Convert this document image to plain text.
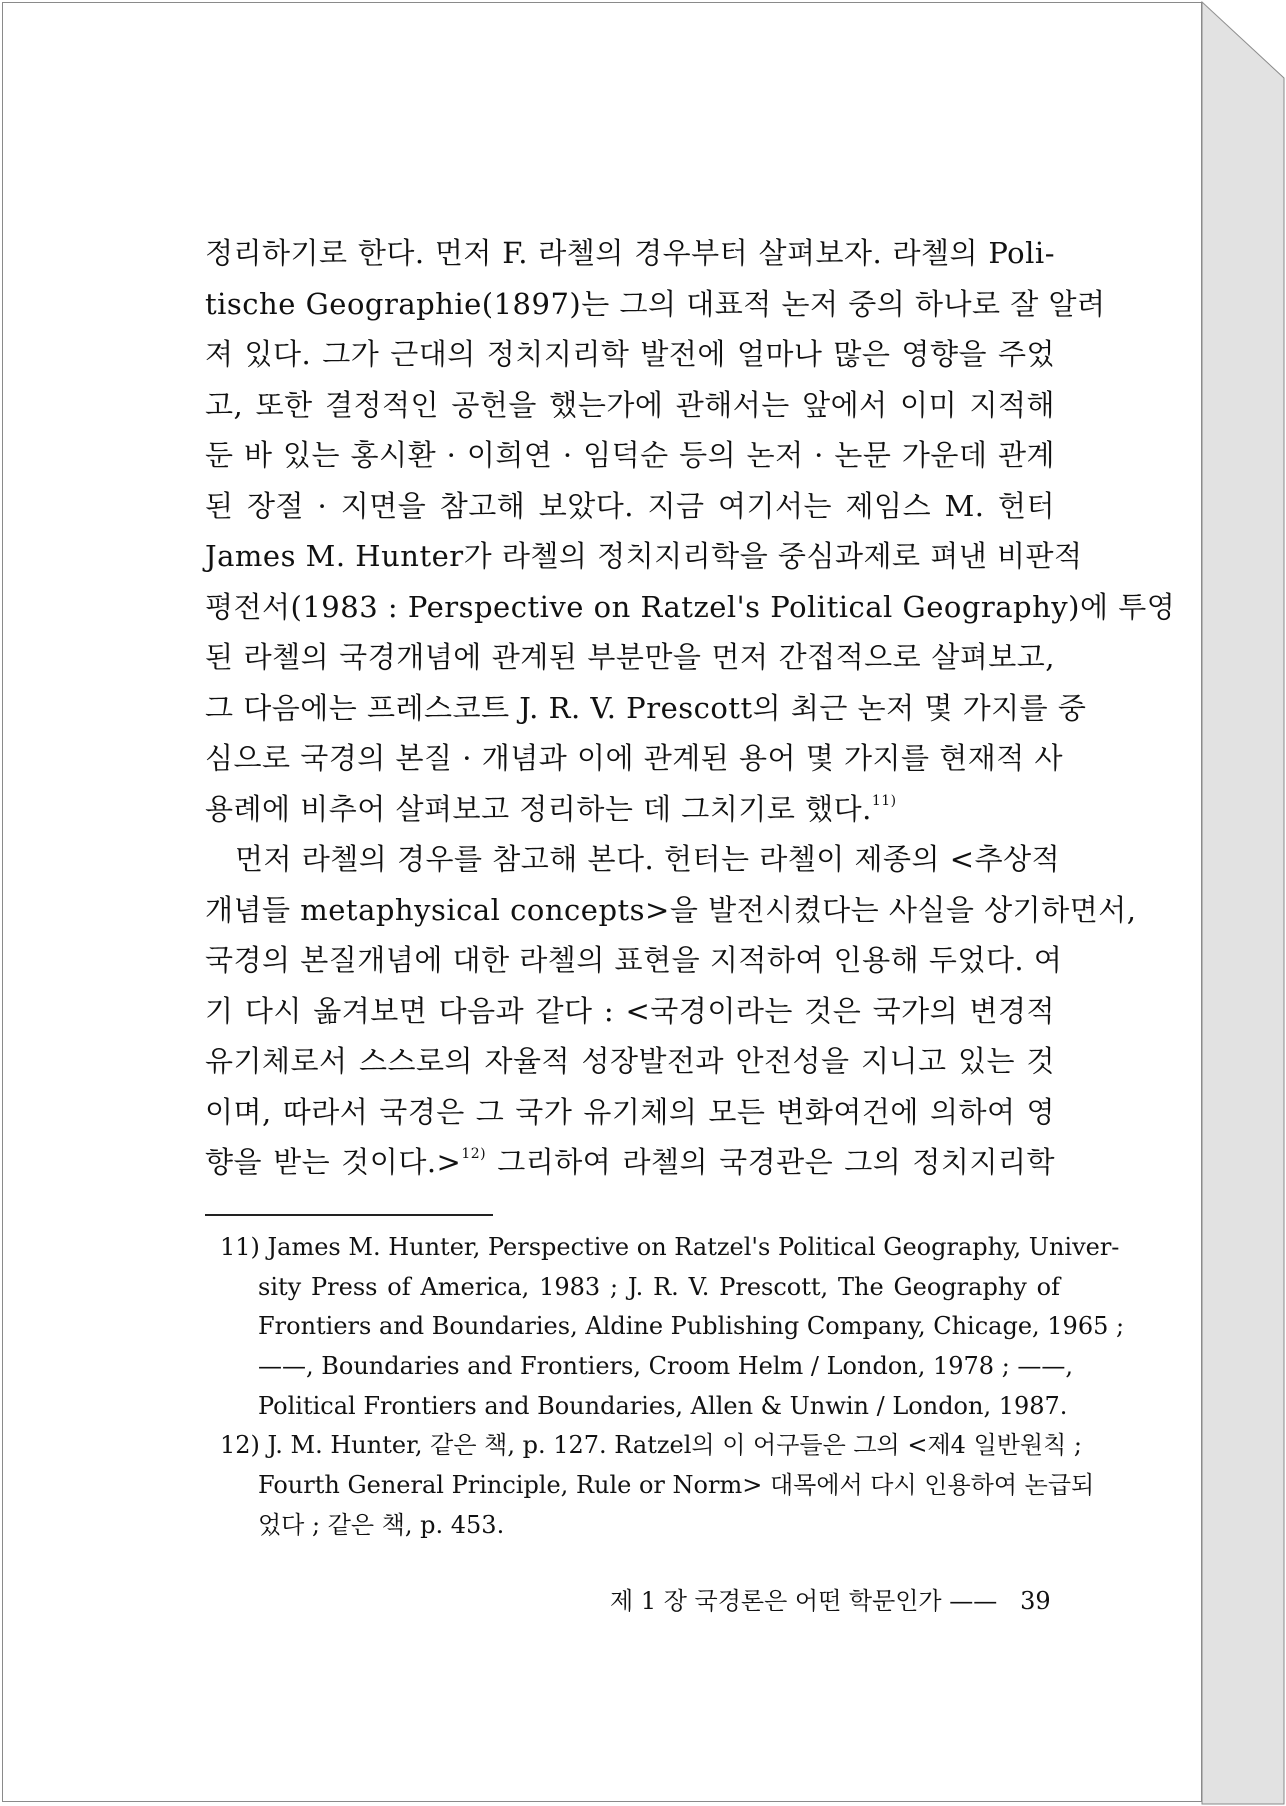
정리하기로 한다. 먼저 F. 라첼의 경우부터 살펴보자. 라첼의 Poli-
tische Geographie(1897)는 그의 대표적 논저 중의 하나로 잘 알려
져 있다. 그가 근대의 정치지리학 발전에 얼마나 많은 영향을 주었
고, 또한 결정적인 공헌을 했는가에 관해서는 앞에서 이미 지적해
둔 바 있는 홍시환 · 이희연 · 임덕순 등의 논저 · 논문 가운데 관계
된 장절 · 지면을 참고해 보았다. 지금 여기서는 제임스 M. 헌터
James M. Hunter가 라첼의 정치지리학을 중심과제로 펴낸 비판적
평전서(1983 : Perspective on Ratzel's Political Geography)에 투영
된 라첼의 국경개념에 관계된 부분만을 먼저 간접적으로 살펴보고,
그 다음에는 프레스코트 J. R. V. Prescott의 최근 논저 몇 가지를 중
심으로 국경의 본질 · 개념과 이에 관계된 용어 몇 가지를 현재적 사
용례에 비추어 살펴보고 정리하는 데 그치기로 했다.$^{11)}$
먼저 라첼의 경우를 참고해 본다. 헌터는 라첼이 제종의 <추상적
개념들 metaphysical concepts>을 발전시켰다는 사실을 상기하면서,
국경의 본질개념에 대한 라첼의 표현을 지적하여 인용해 두었다. 여
기 다시 옮겨보면 다음과 같다 : <국경이라는 것은 국가의 변경적
유기체로서 스스로의 자율적 성장발전과 안전성을 지니고 있는 것
이며, 따라서 국경은 그 국가 유기체의 모든 변화여건에 의하여 영
향을 받는 것이다.>$^{12)}$ 그리하여 라첼의 국경관은 그의 정치지리학
11) James M. Hunter, Perspective on Ratzel's Political Geography, Univer-
sity Press of America, 1983 ; J. R. V. Prescott, The Geography of
Frontiers and Boundaries, Aldine Publishing Company, Chicage, 1965 ;
——, Boundaries and Frontiers, Croom Helm / London, 1978 ; ——,
Political Frontiers and Boundaries, Allen & Unwin / London, 1987.
12) J. M. Hunter, 같은 책, p. 127. Ratzel의 이 어구들은 그의 <제4 일반원칙 ;
Fourth General Principle, Rule or Norm> 대목에서 다시 인용하여 논급되
었다 ; 같은 책, p. 453.
제 1 장 국경론은 어떤 학문인가 —— 39
